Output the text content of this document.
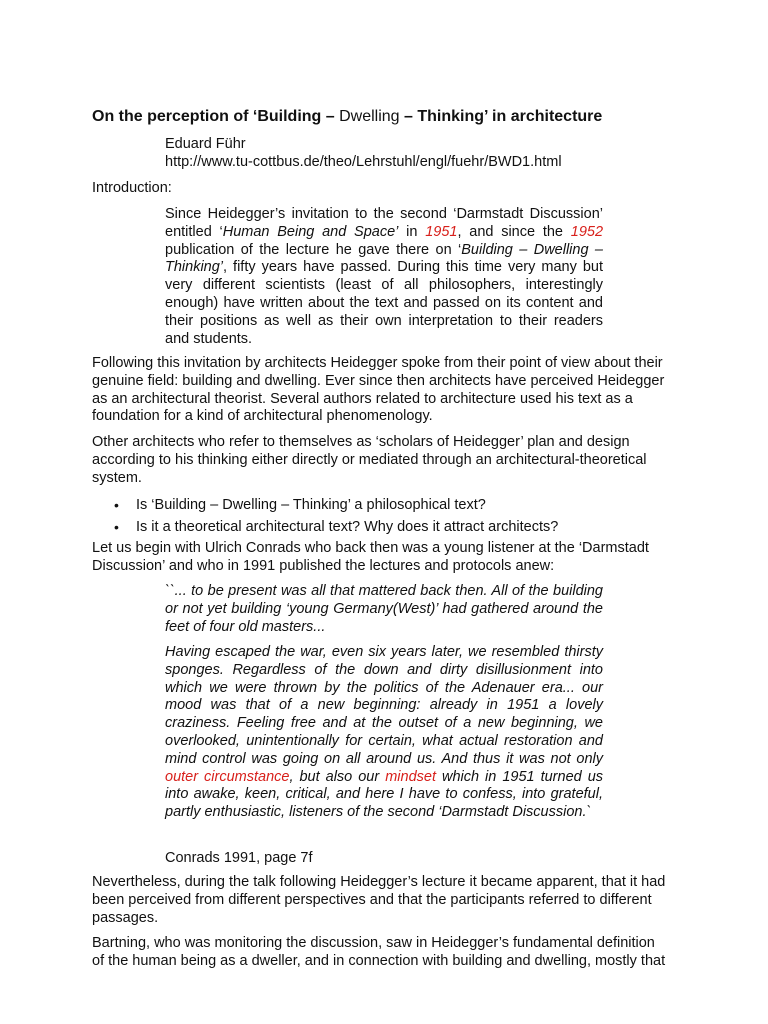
On the perception of ‘Building – Dwelling – Thinking’ in architecture
Eduard Führ
http://www.tu-cottbus.de/theo/Lehrstuhl/engl/fuehr/BWD1.html
Introduction:
Since Heidegger’s invitation to the second ‘Darmstadt Discussion’ entitled ‘Human Being and Space’ in 1951, and since the 1952 publication of the lecture he gave there on ‘Building – Dwelling – Thinking’, fifty years have passed. During this time very many but very different scientists (least of all philosophers, interestingly enough) have written about the text and passed on its content and their positions as well as their own interpretation to their readers and students.
Following this invitation by architects Heidegger spoke from their point of view about their genuine field: building and dwelling. Ever since then architects have perceived Heidegger as an architectural theorist. Several authors related to architecture used his text as a foundation for a kind of architectural phenomenology.
Other architects who refer to themselves as ‘scholars of Heidegger’ plan and design according to his thinking either directly or mediated through an architectural-theoretical system.
•	Is ‘Building – Dwelling – Thinking’ a philosophical text?
•	Is it a theoretical architectural text? Why does it attract architects?
Let us begin with Ulrich Conrads who back then was a young listener at the ‘Darmstadt Discussion’ and who in 1991 published the lectures and protocols anew:
``... to be present was all that mattered back then. All of the building or not yet building ‘young Germany(West)’ had gathered around the feet of four old masters...
Having escaped the war, even six years later, we resembled thirsty sponges. Regardless of the down and dirty disillusionment into which we were thrown by the politics of the Adenauer era... our mood was that of a new beginning: already in 1951 a lovely craziness. Feeling free and at the outset of a new beginning, we overlooked, unintentionally for certain, what actual restoration and mind control was going on all around us. And thus it was not only outer circumstance, but also our mindset which in 1951 turned us into awake, keen, critical, and here I have to confess, into grateful, partly enthusiastic, listeners of the second ‘Darmstadt Discussion.`
Conrads 1991, page 7f
Nevertheless, during the talk following Heidegger’s lecture it became apparent, that it had been perceived from different perspectives and that the participants referred to different passages.
Bartning, who was monitoring the discussion, saw in Heidegger’s fundamental definition of the human being as a dweller, and in connection with building and dwelling, mostly that
